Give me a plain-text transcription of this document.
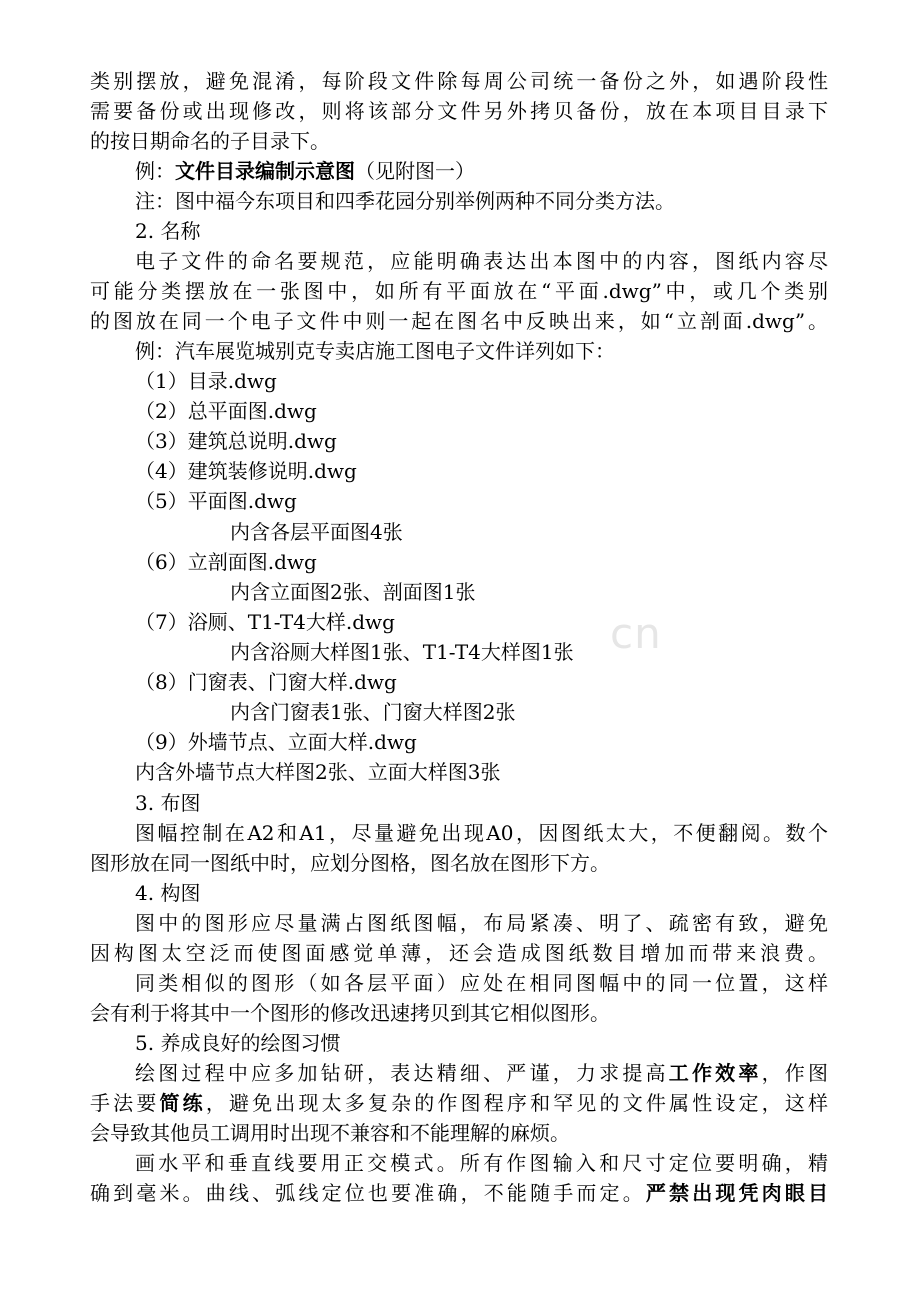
类别摆放，避免混淆，每阶段文件除每周公司统一备份之外，如遇阶段性
需要备份或出现修改，则将该部分文件另外拷贝备份，放在本项目目录下
的按日期命名的子目录下。
例：文件目录编制示意图（见附图一）
注：图中福今东项目和四季花园分别举例两种不同分类方法。
2. 名称
电子文件的命名要规范，应能明确表达出本图中的内容，图纸内容尽
可能分类摆放在一张图中，如所有平面放在“平面.dwg”中，或几个类别
的图放在同一个电子文件中则一起在图名中反映出来，如“立剖面.dwg”。
例：汽车展览城别克专卖店施工图电子文件详列如下：
（1）目录.dwg
（2）总平面图.dwg
（3）建筑总说明.dwg
（4）建筑装修说明.dwg
（5）平面图.dwg
内含各层平面图4张
（6）立剖面图.dwg
内含立面图2张、剖面图1张
（7）浴厕、T1-T4大样.dwg
内含浴厕大样图1张、T1-T4大样图1张
（8）门窗表、门窗大样.dwg
内含门窗表1张、门窗大样图2张
（9）外墙节点、立面大样.dwg
内含外墙节点大样图2张、立面大样图3张
3. 布图
图幅控制在A2和A1，尽量避免出现A0，因图纸太大，不便翻阅。数个
图形放在同一图纸中时，应划分图格，图名放在图形下方。
4. 构图
图中的图形应尽量满占图纸图幅，布局紧凑、明了、疏密有致，避免
因构图太空泛而使图面感觉单薄，还会造成图纸数目增加而带来浪费。
同类相似的图形（如各层平面）应处在相同图幅中的同一位置，这样
会有利于将其中一个图形的修改迅速拷贝到其它相似图形。
5. 养成良好的绘图习惯
绘图过程中应多加钻研，表达精细、严谨，力求提高工作效率，作图
手法要简练，避免出现太多复杂的作图程序和罕见的文件属性设定，这样
会导致其他员工调用时出现不兼容和不能理解的麻烦。
画水平和垂直线要用正交模式。所有作图输入和尺寸定位要明确，精
确到毫米。曲线、弧线定位也要准确，不能随手而定。严禁出现凭肉眼目
cn
